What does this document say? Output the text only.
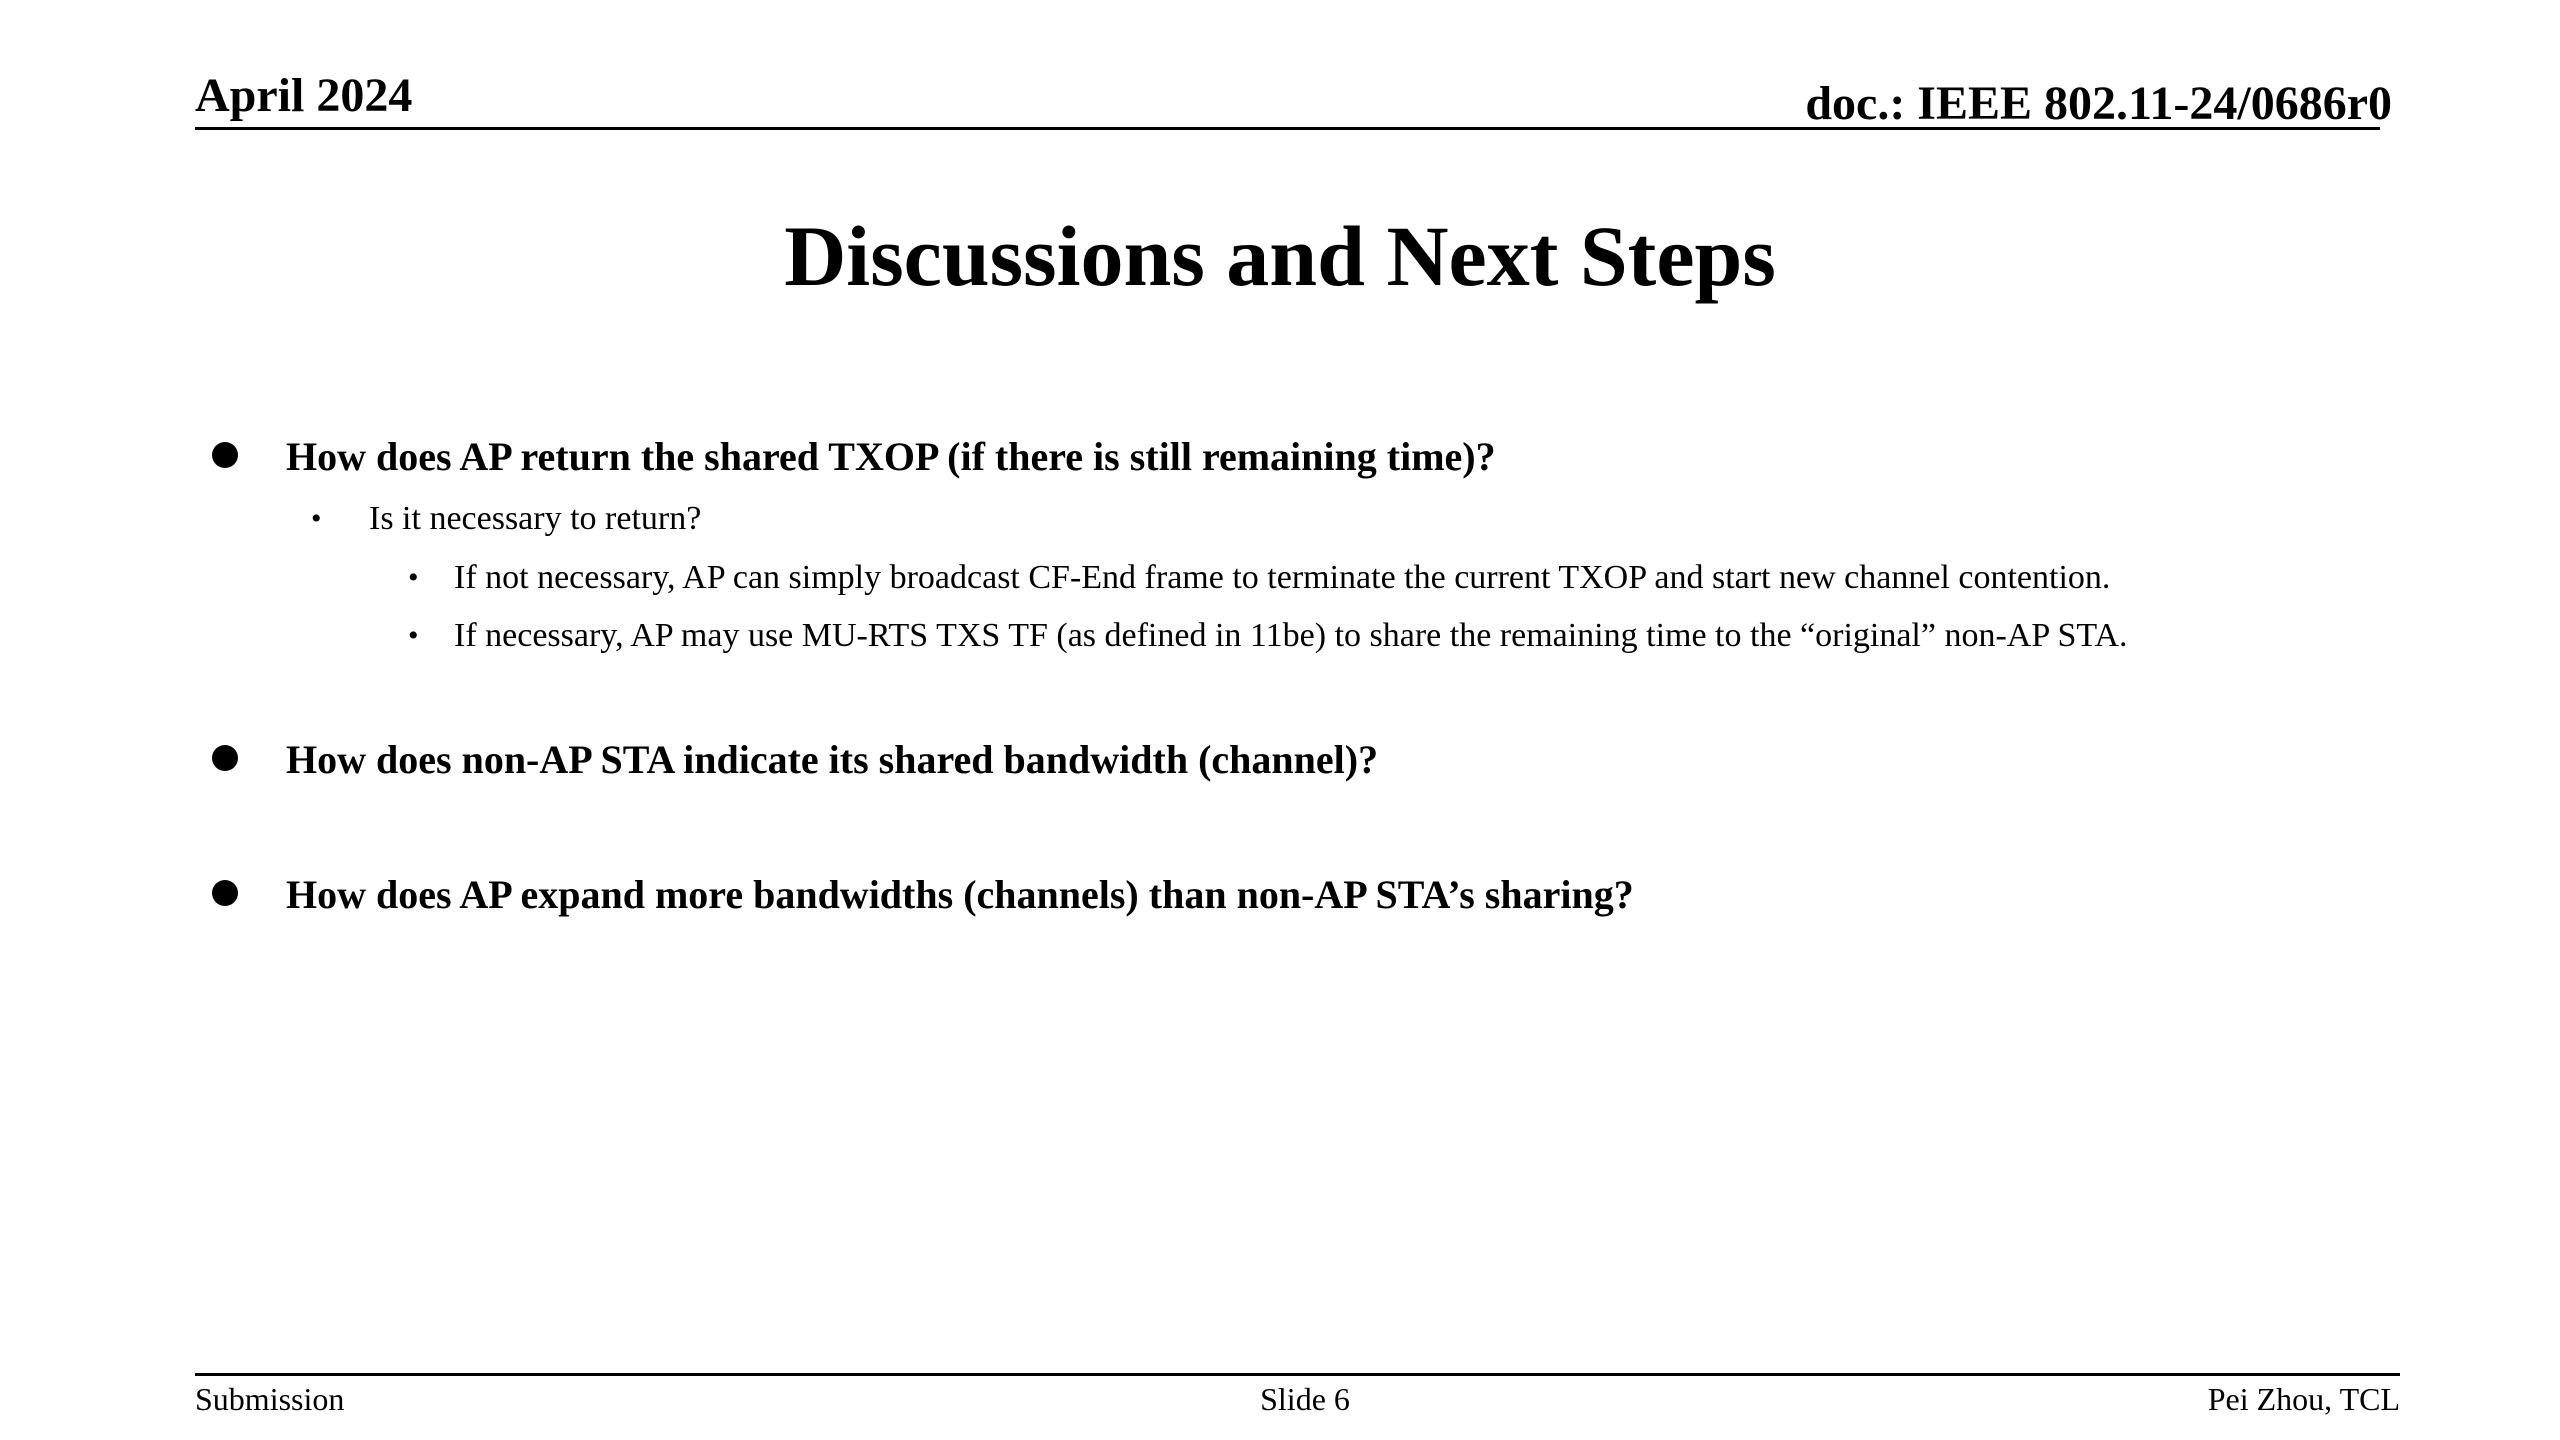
April 2024	doc.: IEEE 802.11-24/0686r0
Discussions and Next Steps
How does AP return the shared TXOP (if there is still remaining time)?
• Is it necessary to return?
• If not necessary, AP can simply broadcast CF-End frame to terminate the current TXOP and start new channel contention.
• If necessary, AP may use MU-RTS TXS TF (as defined in 11be) to share the remaining time to the “original” non-AP STA.
How does non-AP STA indicate its shared bandwidth (channel)?
How does AP expand more bandwidths (channels) than non-AP STA’s sharing?
Submission	Slide 6	Pei Zhou, TCL
